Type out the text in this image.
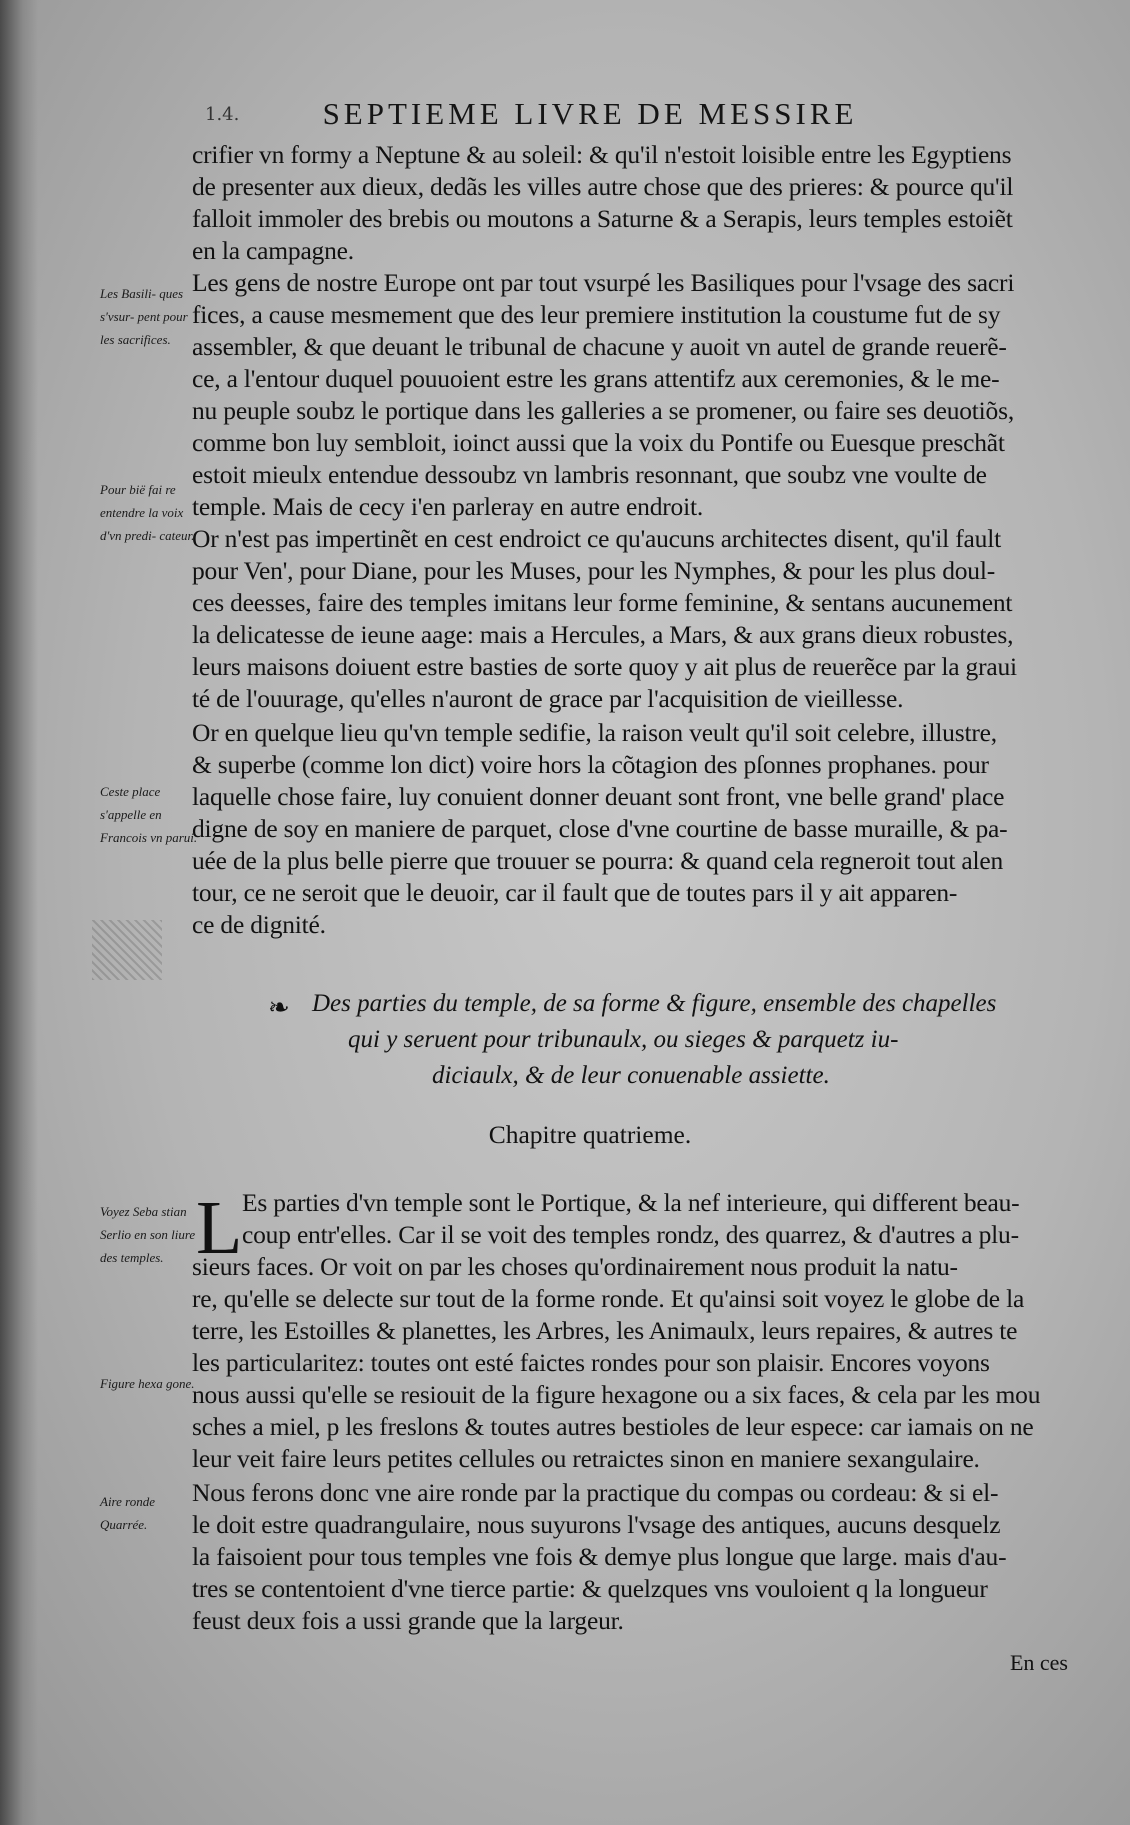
1.4.	SEPTIEME LIVRE DE MESSIRE
crifier vn formy a Neptune & au soleil: & qu'il n'estoit loisible entre les Egyptiens
de presenter aux dieux, dedãs les villes autre chose que des prieres: & pource qu'il
falloit immoler des brebis ou moutons a Saturne & a Serapis, leurs temples estoiẽt
en la campagne.
Les gens de nostre Europe ont par tout vsurpé les Basiliques pour l'vsage des sacri
fices, a cause mesmement que des leur premiere institution la coustume fut de sy
assembler, & que deuant le tribunal de chacune y auoit vn autel de grande reuerẽ-
ce, a l'entour duquel pouuoient estre les grans attentifz aux ceremonies, & le me-
nu peuple soubz le portique dans les galleries a se promener, ou faire ses deuotiõs,
comme bon luy sembloit, ioinct aussi que la voix du Pontife ou Euesque preschãt
estoit mieulx entendue dessoubz vn lambris resonnant, que soubz vne voulte de
temple. Mais de cecy i'en parleray en autre endroit.
Or n'est pas impertinẽt en cest endroict ce qu'aucuns architectes disent, qu'il fault
pour Ven', pour Diane, pour les Muses, pour les Nymphes, & pour les plus doul-
ces deesses, faire des temples imitans leur forme feminine, & sentans aucunement
la delicatesse de ieune aage: mais a Hercules, a Mars, & aux grans dieux robustes,
leurs maisons doiuent estre basties de sorte quoy y ait plus de reuerẽce par la graui
té de l'ouurage, qu'elles n'auront de grace par l'acquisition de vieillesse.
Or en quelque lieu qu'vn temple sedifie, la raison veult qu'il soit celebre, illustre,
& superbe (comme lon dict) voire hors la cõtagion des pſonnes prophanes. pour
laquelle chose faire, luy conuient donner deuant sont front, vne belle grand' place
digne de soy en maniere de parquet, close d'vne courtine de basse muraille, & pa-
uée de la plus belle pierre que trouuer se pourra: & quand cela regneroit tout alen
tour, ce ne seroit que le deuoir, car il fault que de toutes pars il y ait apparen-
ce de dignité.
Les Basili- ques s'vsur- pent pour les sacrifices.
Pour bië fai re entendre la voix d'vn predi- cateur.
Ceste place s'appelle en Francois vn parui.
Voyez Seba stian Serlio en son liure des temples.
Figure hexa gone.
Aire ronde Quarrée.
❧ Des parties du temple, de sa forme & figure, ensemble des chapelles
qui y seruent pour tribunaulx, ou sieges & parquetz iu-
diciaulx, & de leur conuenable assiette.
Chapitre quatrieme.
L Es parties d'vn temple sont le Portique, & la nef interieure, qui different beau-
coup entr'elles. Car il se voit des temples rondz, des quarrez, & d'autres a plu-
sieurs faces. Or voit on par les choses qu'ordinairement nous produit la natu-
re, qu'elle se delecte sur tout de la forme ronde. Et qu'ainsi soit voyez le globe de la
terre, les Estoilles & planettes, les Arbres, les Animaulx, leurs repaires, & autres te
les particularitez: toutes ont esté faictes rondes pour son plaisir. Encores voyons
nous aussi qu'elle se resiouit de la figure hexagone ou a six faces, & cela par les mou
sches a miel, p les freslons & toutes autres bestioles de leur espece: car iamais on ne
leur veit faire leurs petites cellules ou retraictes sinon en maniere sexangulaire.
Nous ferons donc vne aire ronde par la practique du compas ou cordeau: & si el-
le doit estre quadrangulaire, nous suyurons l'vsage des antiques, aucuns desquelz
la faisoient pour tous temples vne fois & demye plus longue que large. mais d'au-
tres se contentoient d'vne tierce partie: & quelzques vns vouloient q la longueur
feust deux fois a ussi grande que la largeur.
En ces
